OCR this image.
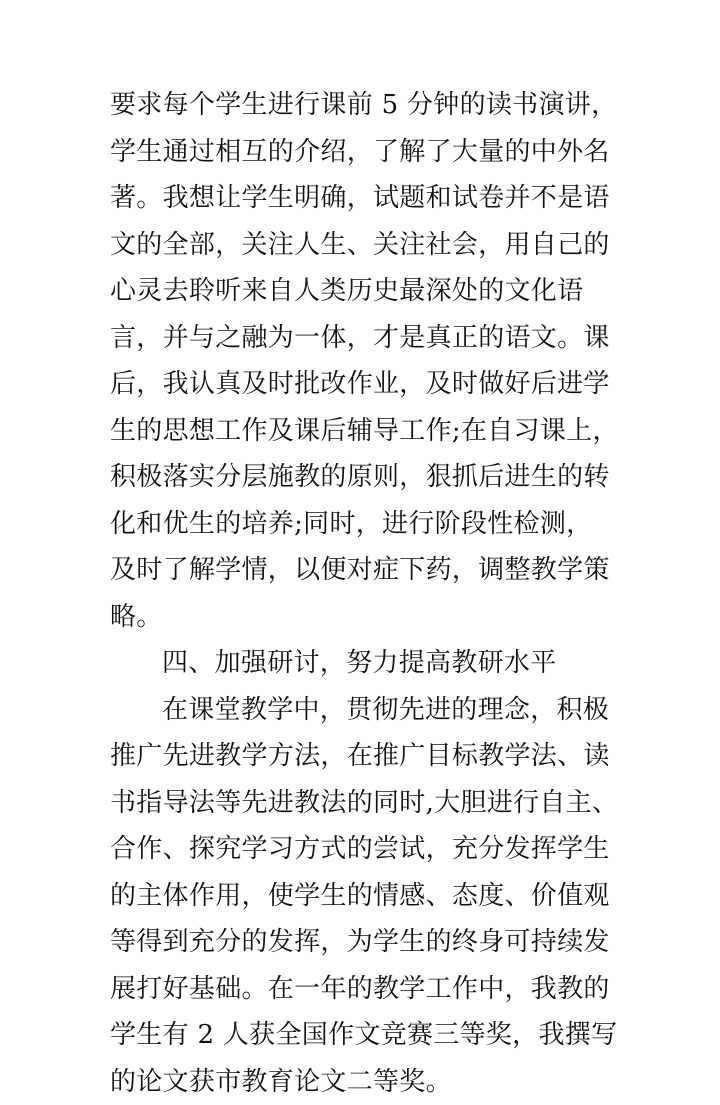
要求每个学生进行课前 5 分钟的读书演讲，
学生通过相互的介绍，了解了大量的中外名
著。我想让学生明确，试题和试卷并不是语
文的全部，关注人生、关注社会，用自己的
心灵去聆听来自人类历史最深处的文化语
言，并与之融为一体，才是真正的语文。课
后，我认真及时批改作业，及时做好后进学
生的思想工作及课后辅导工作;在自习课上，
积极落实分层施教的原则，狠抓后进生的转
化和优生的培养;同时，进行阶段性检测，
及时了解学情，以便对症下药，调整教学策
略。
四、加强研讨，努力提高教研水平
在课堂教学中，贯彻先进的理念，积极
推广先进教学方法，在推广目标教学法、读
书指导法等先进教法的同时,大胆进行自主、
合作、探究学习方式的尝试，充分发挥学生
的主体作用，使学生的情感、态度、价值观
等得到充分的发挥，为学生的终身可持续发
展打好基础。在一年的教学工作中，我教的
学生有 2 人获全国作文竞赛三等奖，我撰写
的论文获市教育论文二等奖。
